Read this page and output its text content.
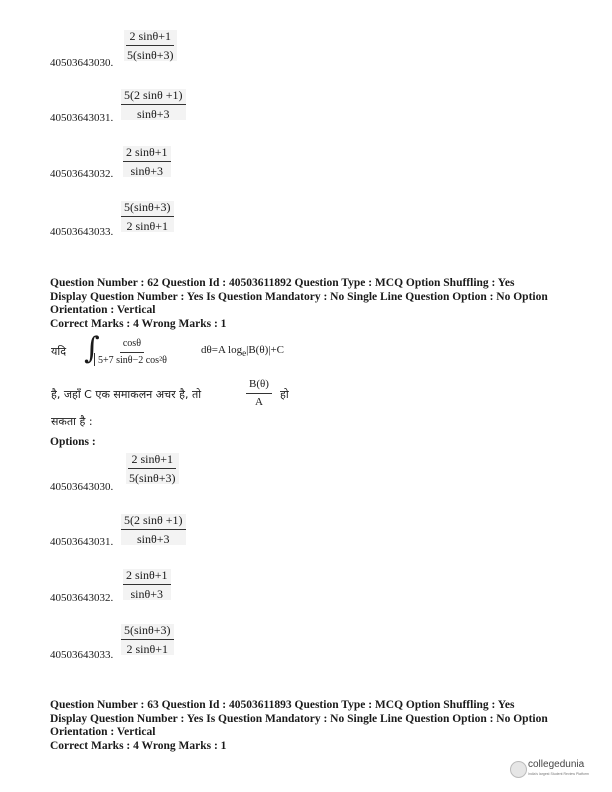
$\frac{2 \sin\theta+1}{5(\sin\theta+3)}$
40503643030.
$\frac{5(2 \sin\theta +1)}{\sin\theta+3}$
40503643031.
$\frac{2 \sin\theta+1}{\sin\theta+3}$
40503643032.
$\frac{5(\sin\theta+3)}{2 \sin\theta+1}$
40503643033.
Question Number : 62 Question Id : 40503611892 Question Type : MCQ Option Shuffling : Yes
Display Question Number : Yes Is Question Mandatory : No Single Line Question Option : No Option
Orientation : Vertical
Correct Marks : 4 Wrong Marks : 1
यदि ∫
$\frac{\cos\theta}{\text{5+7 sinθ−2 cos²θ}}$	dθ=A $\log_e|B(\theta)|+C$
है, जहाँ C एक समाकलन अचर है, तो	$\frac{B(\theta)}{A}$ हो
सकता है :
Options :
$\frac{2 \sin\theta+1}{5(\sin\theta+3)}$
40503643030.
$\frac{5(2 \sin\theta +1)}{\sin\theta+3}$
40503643031.
$\frac{2 \sin\theta+1}{\sin\theta+3}$
40503643032.
$\frac{5(\sin\theta+3)}{2 \sin\theta+1}$
40503643033.
Question Number : 63 Question Id : 40503611893 Question Type : MCQ Option Shuffling : Yes
Display Question Number : Yes Is Question Mandatory : No Single Line Question Option : No Option
Orientation : Vertical
Correct Marks : 4 Wrong Marks : 1
collegedunia
India's largest Student Review Platform
